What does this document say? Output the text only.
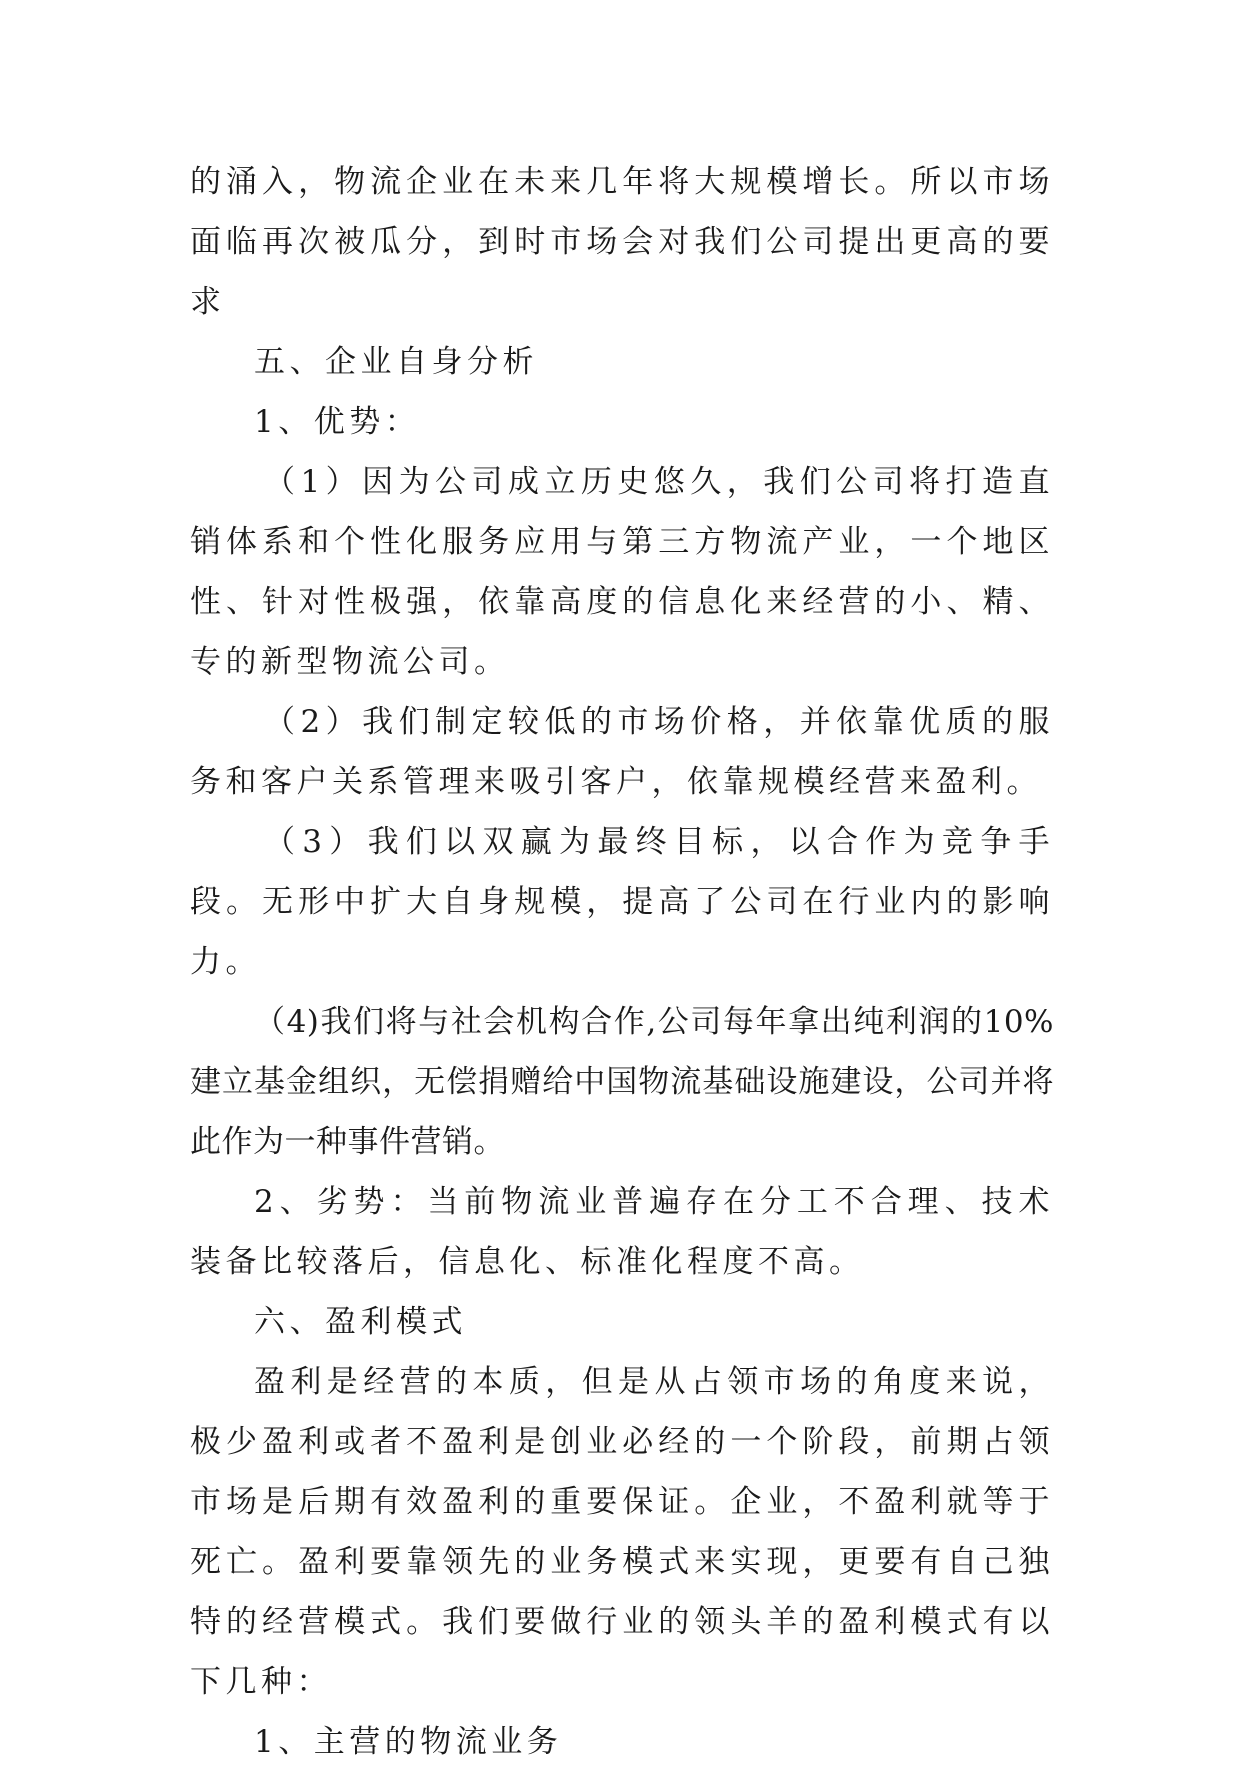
的涌入，物流企业在未来几年将大规模增长。所以市场面临再次被瓜分，到时市场会对我们公司提出更高的要求

五、企业自身分析

1、优势：

（1）因为公司成立历史悠久，我们公司将打造直销体系和个性化服务应用与第三方物流产业，一个地区性、针对性极强，依靠高度的信息化来经营的小、精、专的新型物流公司。

（2）我们制定较低的市场价格，并依靠优质的服务和客户关系管理来吸引客户，依靠规模经营来盈利。

（3）我们以双赢为最终目标，以合作为竞争手段。无形中扩大自身规模，提高了公司在行业内的影响力。

（4)我们将与社会机构合作,公司每年拿出纯利润的10%建立基金组织，无偿捐赠给中国物流基础设施建设，公司并将此作为一种事件营销。

2、劣势：当前物流业普遍存在分工不合理、技术装备比较落后，信息化、标准化程度不高。

六、盈利模式

盈利是经营的本质，但是从占领市场的角度来说，极少盈利或者不盈利是创业必经的一个阶段，前期占领市场是后期有效盈利的重要保证。企业，不盈利就等于死亡。盈利要靠领先的业务模式来实现，更要有自己独特的经营模式。我们要做行业的领头羊的盈利模式有以下几种：

1、主营的物流业务
